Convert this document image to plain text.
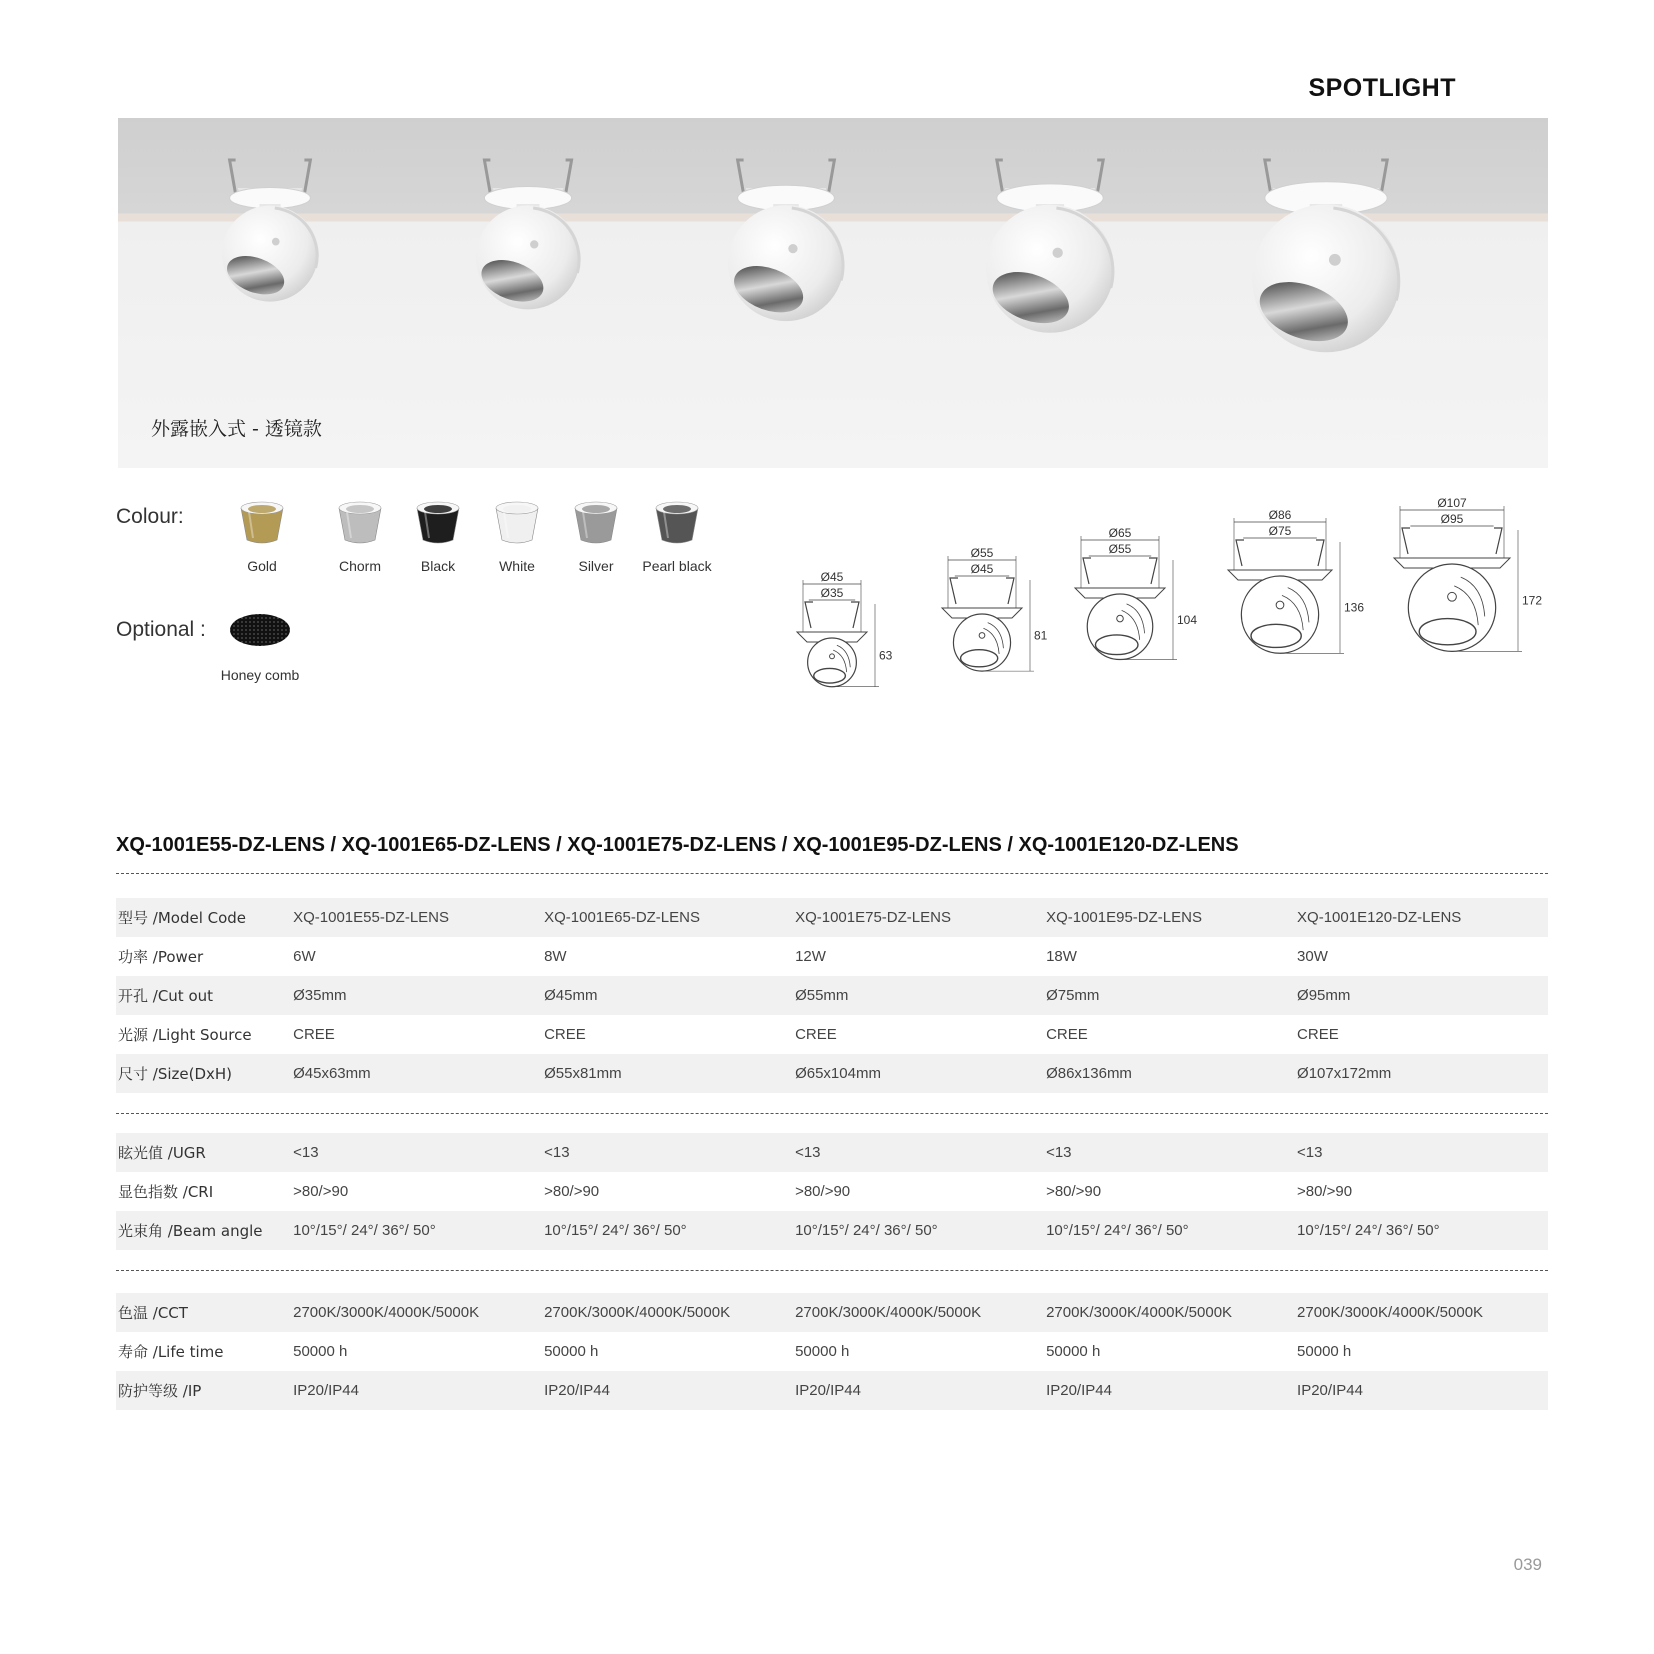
SPOTLIGHT
外露嵌入式 - 透镜款
Colour:
Gold	Chorm	Black	White	Silver	Pearl black
Optional :
Honey comb
Ø45
Ø35
63
Ø55
Ø45
81
Ø65
Ø55
104
Ø86
Ø75
136
Ø107
Ø95
172
XQ-1001E55-DZ-LENS / XQ-1001E65-DZ-LENS / XQ-1001E75-DZ-LENS / XQ-1001E95-DZ-LENS / XQ-1001E120-DZ-LENS
型号 /Model Code	XQ-1001E55-DZ-LENS	XQ-1001E65-DZ-LENS	XQ-1001E75-DZ-LENS	XQ-1001E95-DZ-LENS	XQ-1001E120-DZ-LENS
功率 /Power	6W	8W	12W	18W	30W
开孔 /Cut out	Ø35mm	Ø45mm	Ø55mm	Ø75mm	Ø95mm
光源 /Light Source	CREE	CREE	CREE	CREE	CREE
尺寸 /Size(DxH)	Ø45x63mm	Ø55x81mm	Ø65x104mm	Ø86x136mm	Ø107x172mm
眩光值 /UGR	<13	<13	<13	<13	<13
显色指数 /CRI	>80/>90	>80/>90	>80/>90	>80/>90	>80/>90
光束角 /Beam angle	10°/15°/ 24°/ 36°/ 50°	10°/15°/ 24°/ 36°/ 50°	10°/15°/ 24°/ 36°/ 50°	10°/15°/ 24°/ 36°/ 50°	10°/15°/ 24°/ 36°/ 50°
色温 /CCT	2700K/3000K/4000K/5000K	2700K/3000K/4000K/5000K	2700K/3000K/4000K/5000K	2700K/3000K/4000K/5000K	2700K/3000K/4000K/5000K
寿命 /Life time	50000 h	50000 h	50000 h	50000 h	50000 h
防护等级 /IP	IP20/IP44	IP20/IP44	IP20/IP44	IP20/IP44	IP20/IP44
039
